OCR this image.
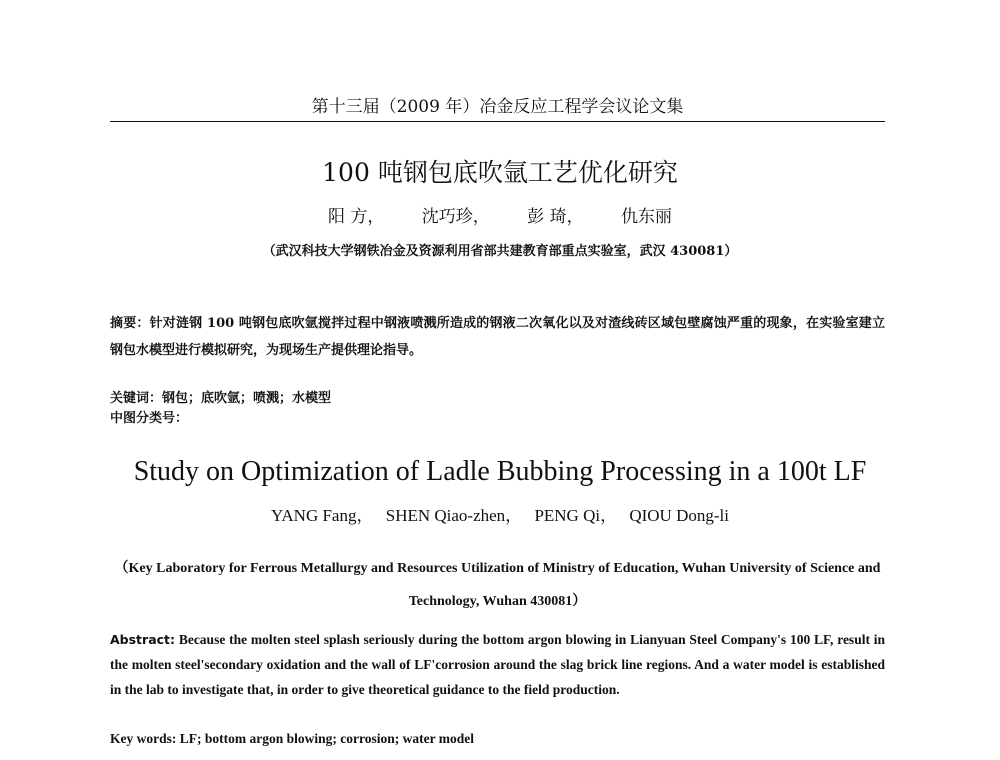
第十三届（2009 年）冶金反应工程学会议论文集
100 吨钢包底吹氩工艺优化研究
阳 方， 沈巧珍， 彭 琦， 仇东丽
（武汉科技大学钢铁冶金及资源利用省部共建教育部重点实验室，武汉 430081）
摘要：针对涟钢 100 吨钢包底吹氩搅拌过程中钢液喷溅所造成的钢液二次氧化以及对渣线砖区域包壁腐蚀严重的现象，在实验室建立钢包水模型进行模拟研究，为现场生产提供理论指导。
关键词：钢包；底吹氩；喷溅；水模型
中图分类号：
Study on Optimization of Ladle Bubbing Processing in a 100t LF
YANG Fang， SHEN Qiao-zhen， PENG Qi， QIOU Dong-li
（Key Laboratory for Ferrous Metallurgy and Resources Utilization of Ministry of Education, Wuhan University of Science and Technology, Wuhan 430081）
Abstract: Because the molten steel splash seriously during the bottom argon blowing in Lianyuan Steel Company's 100 LF, result in the molten steel'secondary oxidation and the wall of LF'corrosion around the slag brick line regions. And a water model is established in the lab to investigate that, in order to give theoretical guidance to the field production.
Key words: LF; bottom argon blowing; corrosion; water model
